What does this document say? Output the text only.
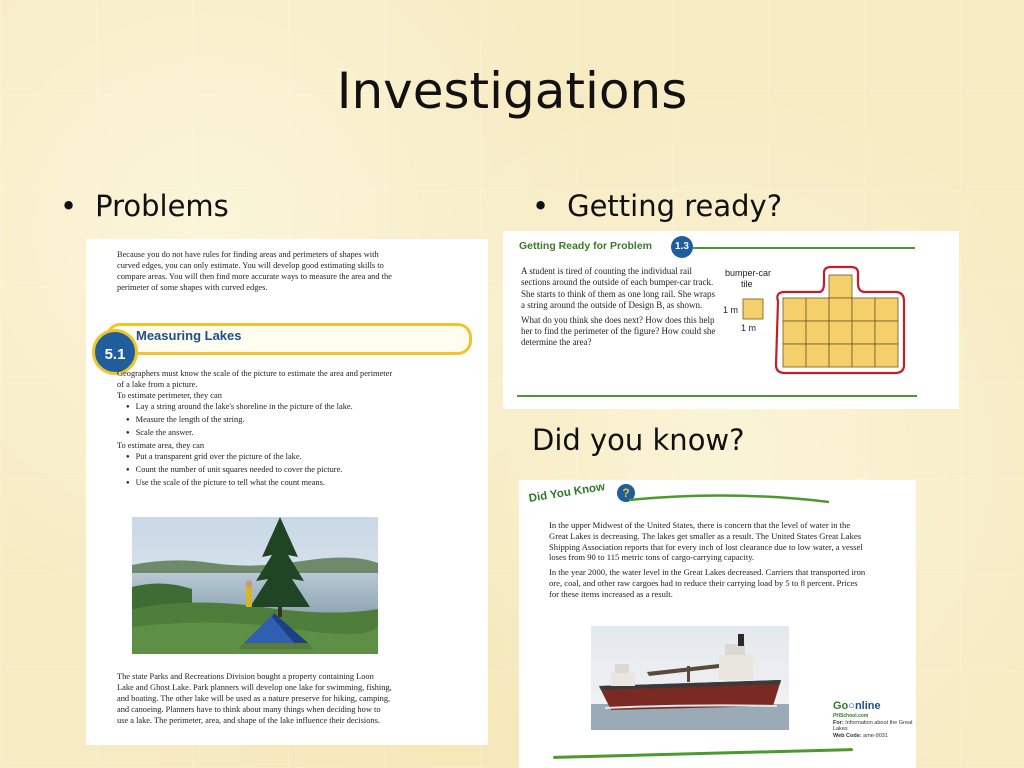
Investigations
• Problems	• Getting ready?
Because you do not have rules for finding areas and perimeters of shapes with curved edges, you can only estimate. You will develop good estimating skills to compare areas. You will then find more accurate ways to measure the area and the perimeter of some shapes with curved edges.
5.1
Measuring Lakes

Geographers must know the scale of the picture to estimate the area and perimeter of a lake from a picture.

To estimate perimeter, they can

● Lay a string around the lake's shoreline in the picture of the lake.
● Measure the length of the string.
● Scale the answer.

To estimate area, they can

● Put a transparent grid over the picture of the lake.
● Count the number of unit squares needed to cover the picture.
● Use the scale of the picture to tell what the count means.
The state Parks and Recreations Division bought a property containing Loon Lake and Ghost Lake. Park planners will develop one lake for swimming, fishing, and boating. The other lake will be used as a nature preserve for hiking, camping, and canoeing. Planners have to think about many things when deciding how to use a lake. The perimeter, area, and shape of the lake influence their decisions.
Getting Ready for Problem	1.3

A student is tired of counting the individual rail sections around the outside of each bumper-car track. She starts to think of them as one long rail. She wraps a string around the outside of Design B, as shown.

What do you think she does next? How does this help her to find the perimeter of the figure? How could she determine the area?

bumper-car
tile
1 m
1 m
Did you know?
Did You Know	?

In the upper Midwest of the United States, there is concern that the level of water in the Great Lakes is decreasing. The lakes get smaller as a result. The United States Great Lakes Shipping Association reports that for every inch of lost clearance due to low water, a vessel loses from 90 to 115 metric tons of cargo-carrying capacity.

In the year 2000, the water level in the Great Lakes decreased. Carriers that transported iron ore, coal, and other raw cargoes had to reduce their carrying load by 5 to 8 percent. Prices for these items increased as a result.

Go○nline
PHSchool.com
For: Information about the Great Lakes
Web Code: ame-9031
